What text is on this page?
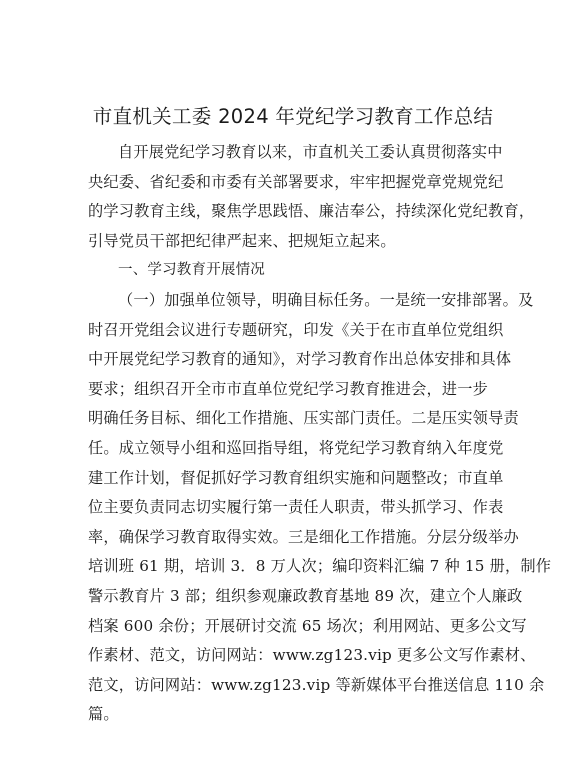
市直机关工委 2024 年党纪学习教育工作总结
自开展党纪学习教育以来，市直机关工委认真贯彻落实中
央纪委、省纪委和市委有关部署要求，牢牢把握党章党规党纪
的学习教育主线，聚焦学思践悟、廉洁奉公，持续深化党纪教育，
引导党员干部把纪律严起来、把规矩立起来。
一、学习教育开展情况
（一）加强单位领导，明确目标任务。一是统一安排部署。及
时召开党组会议进行专题研究，印发《关于在市直单位党组织
中开展党纪学习教育的通知》，对学习教育作出总体安排和具体
要求；组织召开全市市直单位党纪学习教育推进会，进一步
明确任务目标、细化工作措施、压实部门责任。二是压实领导责
任。成立领导小组和巡回指导组，将党纪学习教育纳入年度党
建工作计划，督促抓好学习教育组织实施和问题整改；市直单
位主要负责同志切实履行第一责任人职责，带头抓学习、作表
率，确保学习教育取得实效。三是细化工作措施。分层分级举办
培训班 61 期，培训 3．8 万人次；编印资料汇编 7 种 15 册，制作
警示教育片 3 部；组织参观廉政教育基地 89 次，建立个人廉政
档案 600 余份；开展研讨交流 65 场次；利用网站、更多公文写
作素材、范文，访问网站：www.zg123.vip 更多公文写作素材、
范文，访问网站：www.zg123.vip 等新媒体平台推送信息 110 余
篇。
